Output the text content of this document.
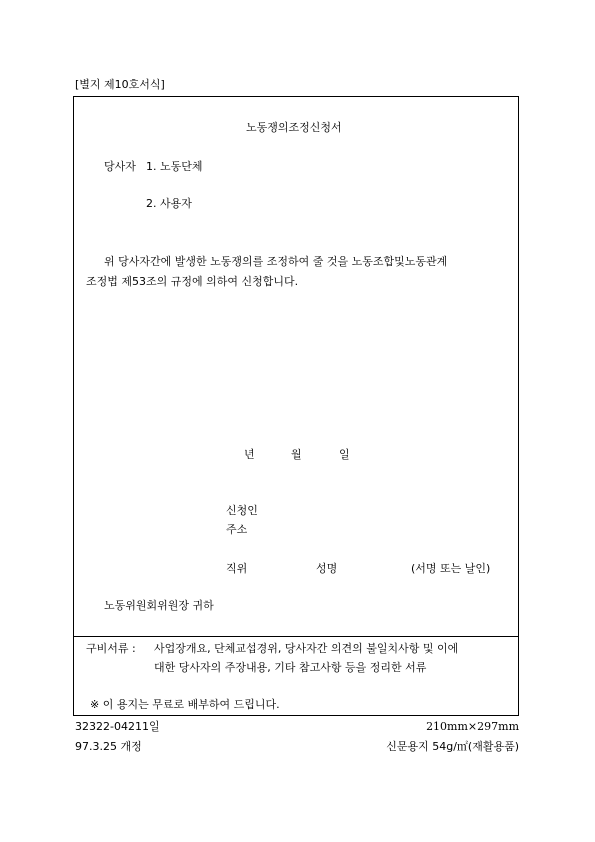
[별지 제10호서식]
노동쟁의조정신청서
당사자 1. 노동단체
2. 사용자
위 당사자간에 발생한 노동쟁의를 조정하여 줄 것을 노동조합및노동관계
조정법 제53조의 규정에 의하여 신청합니다.
년	월	일
신청인
주소
직위	성명	(서명 또는 날인)
노동위원회위원장 귀하
구비서류 : 사업장개요, 단체교섭경위, 당사자간 의견의 불일치사항 및 이에
대한 당사자의 주장내용, 기타 참고사항 등을 정리한 서류
※ 이 용지는 무료로 배부하여 드립니다.
32322-04211일
97.3.25 개정
210mm×297mm
신문용지 54g/㎡(재활용품)
